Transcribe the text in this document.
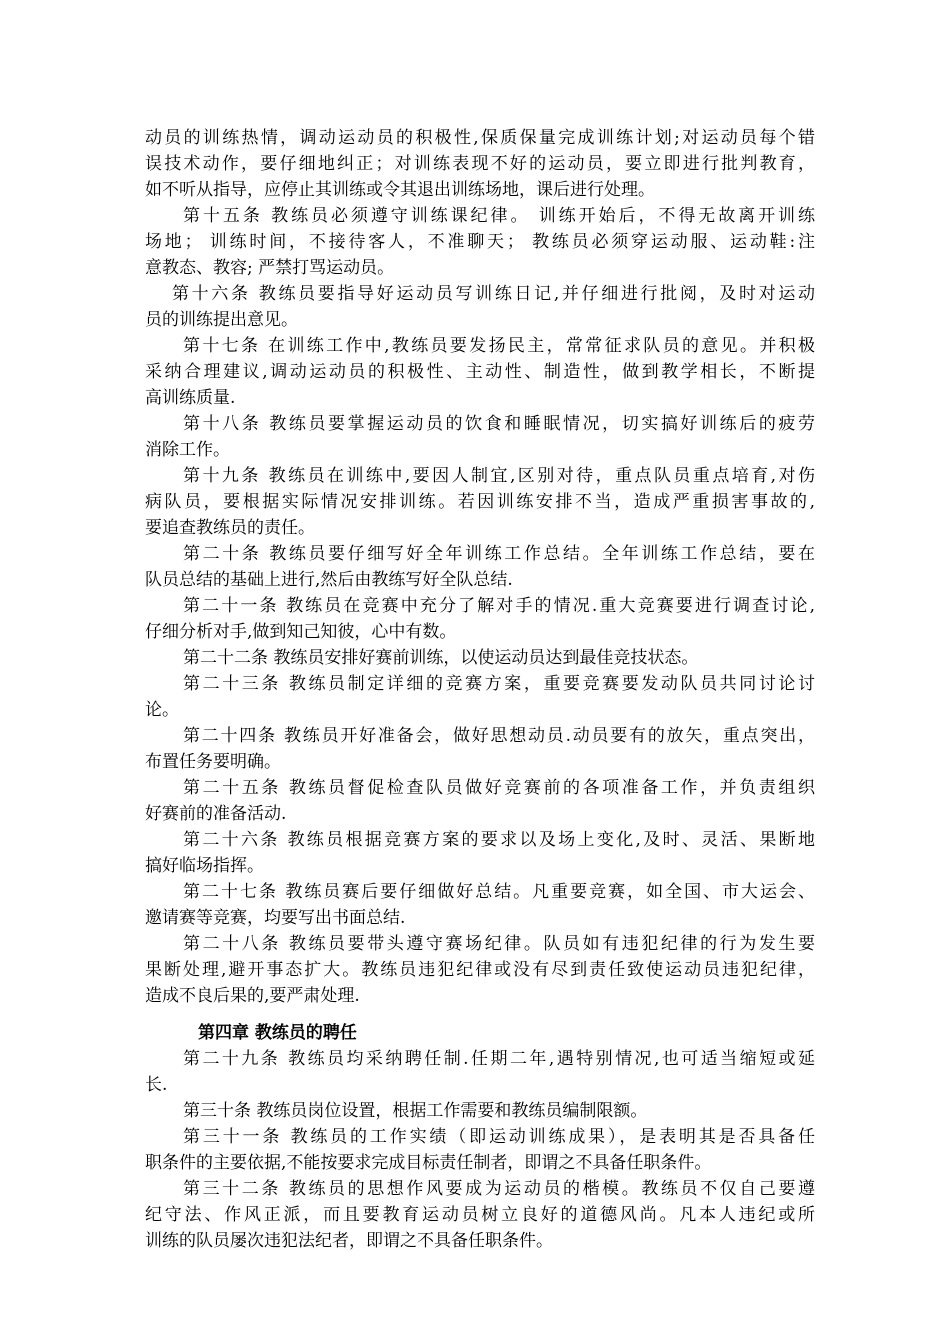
动员的训练热情，调动运动员的积极性,保质保量完成训练计划;对运动员每个错
误技术动作，要仔细地纠正；对训练表现不好的运动员，要立即进行批判教育，
如不听从指导，应停止其训练或令其退出训练场地，课后进行处理。
第十五条 教练员必须遵守训练课纪律。 训练开始后，不得无故离开训练
场地； 训练时间，不接待客人，不准聊天； 教练员必须穿运动服、运动鞋:注
意教态、教容; 严禁打骂运动员。
第十六条 教练员要指导好运动员写训练日记,并仔细进行批阅，及时对运动
员的训练提出意见。
第十七条 在训练工作中,教练员要发扬民主，常常征求队员的意见。并积极
采纳合理建议,调动运动员的积极性、主动性、制造性，做到教学相长，不断提
高训练质量.
第十八条 教练员要掌握运动员的饮食和睡眠情况，切实搞好训练后的疲劳
消除工作。
第十九条 教练员在训练中,要因人制宜,区别对待，重点队员重点培育,对伤
病队员，要根据实际情况安排训练。若因训练安排不当，造成严重损害事故的,
要追查教练员的责任。
第二十条 教练员要仔细写好全年训练工作总结。全年训练工作总结，要在
队员总结的基础上进行,然后由教练写好全队总结.
第二十一条 教练员在竞赛中充分了解对手的情况.重大竞赛要进行调查讨论,
仔细分析对手,做到知己知彼，心中有数。
第二十二条 教练员安排好赛前训练，以使运动员达到最佳竞技状态。
第二十三条 教练员制定详细的竞赛方案，重要竞赛要发动队员共同讨论讨
论。
第二十四条 教练员开好准备会，做好思想动员.动员要有的放矢，重点突出，
布置任务要明确。
第二十五条 教练员督促检查队员做好竞赛前的各项准备工作，并负责组织
好赛前的准备活动.
第二十六条 教练员根据竞赛方案的要求以及场上变化,及时、灵活、果断地
搞好临场指挥。
第二十七条 教练员赛后要仔细做好总结。凡重要竞赛，如全国、市大运会、
邀请赛等竞赛，均要写出书面总结.
第二十八条 教练员要带头遵守赛场纪律。队员如有违犯纪律的行为发生要
果断处理,避开事态扩大。教练员违犯纪律或没有尽到责任致使运动员违犯纪律，
造成不良后果的,要严肃处理.
第四章 教练员的聘任
第二十九条 教练员均采纳聘任制.任期二年,遇特别情况,也可适当缩短或延
长.
第三十条 教练员岗位设置，根据工作需要和教练员编制限额。
第三十一条 教练员的工作实绩（即运动训练成果），是表明其是否具备任
职条件的主要依据,不能按要求完成目标责任制者，即谓之不具备任职条件。
第三十二条 教练员的思想作风要成为运动员的楷模。教练员不仅自己要遵
纪守法、作风正派，而且要教育运动员树立良好的道德风尚。凡本人违纪或所
训练的队员屡次违犯法纪者，即谓之不具备任职条件。
